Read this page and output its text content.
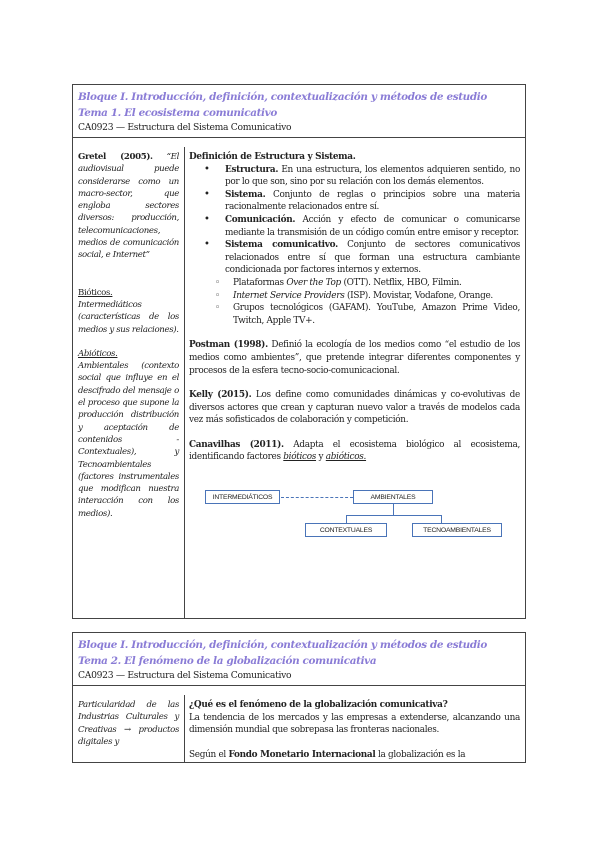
Bloque I. Introducción, definición, contextualización y métodos de estudio
Tema 1. El ecosistema comunicativo
CA0923 — Estructura del Sistema Comunicativo

Gretel (2005). “El audiovisual puede considerarse como un macro-sector, que engloba sectores diversos: producción, telecomunicaciones, medios de comunicación social, e Internet”

Bióticos.

Intermediáticos (características de los medios y sus relaciones).

Abióticos.

Ambientales (contexto social que influye en el descifrado del mensaje o el proceso que supone la producción distribución y aceptación de contenidos - Contextuales), y Tecnoambientales (factores instrumentales que modifican nuestra interacción con los medios).

Definición de Estructura y Sistema.

• Estructura. En una estructura, los elementos adquieren sentido, no por lo que son, sino por su relación con los demás elementos.
• Sistema. Conjunto de reglas o principios sobre una materia racionalmente relacionados entre sí.
• Comunicación. Acción y efecto de comunicar o comunicarse mediante la transmisión de un código común entre emisor y receptor.
• Sistema comunicativo. Conjunto de sectores comunicativos relacionados entre sí que forman una estructura cambiante condicionada por factores internos y externos.
◦ Plataformas Over the Top (OTT). Netflix, HBO, Filmin.
◦ Internet Service Providers (ISP). Movistar, Vodafone, Orange.
◦ Grupos tecnológicos (GAFAM). YouTube, Amazon Prime Video, Twitch, Apple TV+.

Postman (1998). Definió la ecología de los medios como “el estudio de los medios como ambientes”, que pretende integrar diferentes componentes y procesos de la esfera tecno-socio-comunicacional.

Kelly (2015). Los define como comunidades dinámicas y co-evolutivas de diversos actores que crean y capturan nuevo valor a través de modelos cada vez más sofisticados de colaboración y competición.

Canavilhas (2011). Adapta el ecosistema biológico al ecosistema, identificando factores bióticos y abióticos.

INTERMEDIÁTICOS	AMBIENTALES
CONTEXTUALES	TECNOAMBIENTALES
Bloque I. Introducción, definición, contextualización y métodos de estudio
Tema 2. El fenómeno de la globalización comunicativa
CA0923 — Estructura del Sistema Comunicativo

Particularidad de las Industrias Culturales y Creativas → productos digitales y

¿Qué es el fenómeno de la globalización comunicativa?

La tendencia de los mercados y las empresas a extenderse, alcanzando una dimensión mundial que sobrepasa las fronteras nacionales.

Según el Fondo Monetario Internacional la globalización es la
